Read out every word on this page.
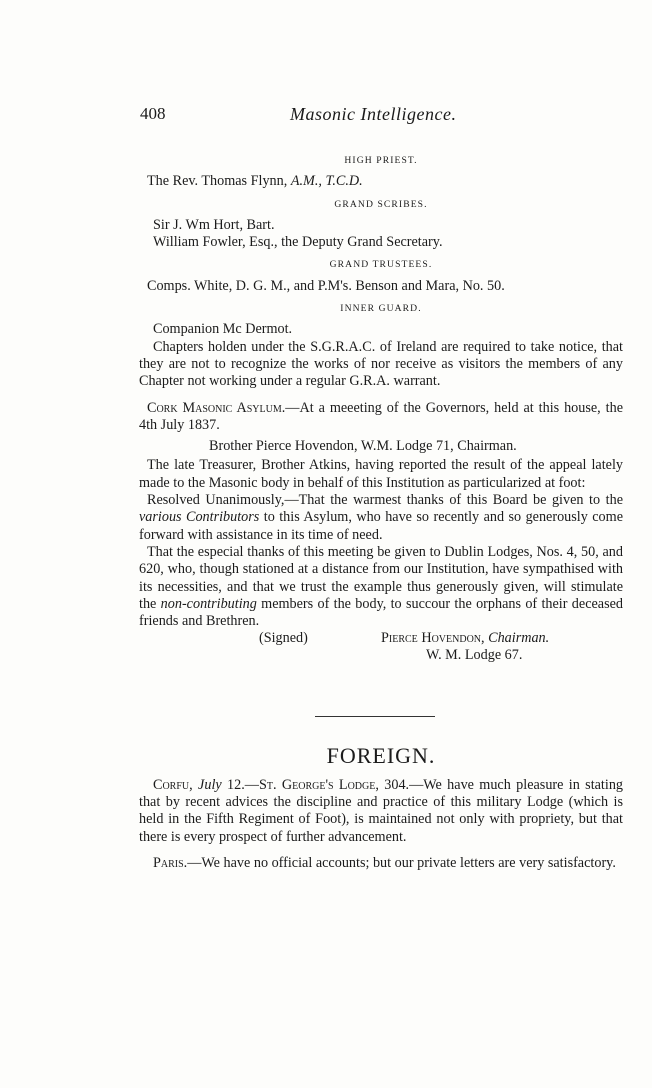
408	Masonic Intelligence.
HIGH PRIEST.

The Rev. Thomas Flynn, A.M., T.C.D.

GRAND SCRIBES.

Sir J. Wm Hort, Bart.

William Fowler, Esq., the Deputy Grand Secretary.

GRAND TRUSTEES.

Comps. White, D. G. M., and P.M's. Benson and Mara, No. 50.

INNER GUARD.

Companion Mc Dermot.

Chapters holden under the S.G.R.A.C. of Ireland are required to take notice, that they are not to recognize the works of nor receive as visitors the members of any Chapter not working under a regular G.R.A. warrant.

Cork Masonic Asylum.—At a meeeting of the Governors, held at this house, the 4th July 1837.

Brother Pierce Hovendon, W.M. Lodge 71, Chairman.

The late Treasurer, Brother Atkins, having reported the result of the appeal lately made to the Masonic body in behalf of this Institution as particularized at foot:

Resolved Unanimously,—That the warmest thanks of this Board be given to the various Contributors to this Asylum, who have so recently and so generously come forward with assistance in its time of need.

That the especial thanks of this meeting be given to Dublin Lodges, Nos. 4, 50, and 620, who, though stationed at a distance from our Institution, have sympathised with its necessities, and that we trust the example thus generously given, will stimulate the non-contributing members of the body, to succour the orphans of their deceased friends and Brethren.

(Signed)	Pierce Hovendon, Chairman.
W. M. Lodge 67.
FOREIGN.

Corfu, July 12.—St. George's Lodge, 304.—We have much pleasure in stating that by recent advices the discipline and practice of this military Lodge (which is held in the Fifth Regiment of Foot), is maintained not only with propriety, but that there is every prospect of further advancement.

Paris.—We have no official accounts; but our private letters are very satisfactory.
